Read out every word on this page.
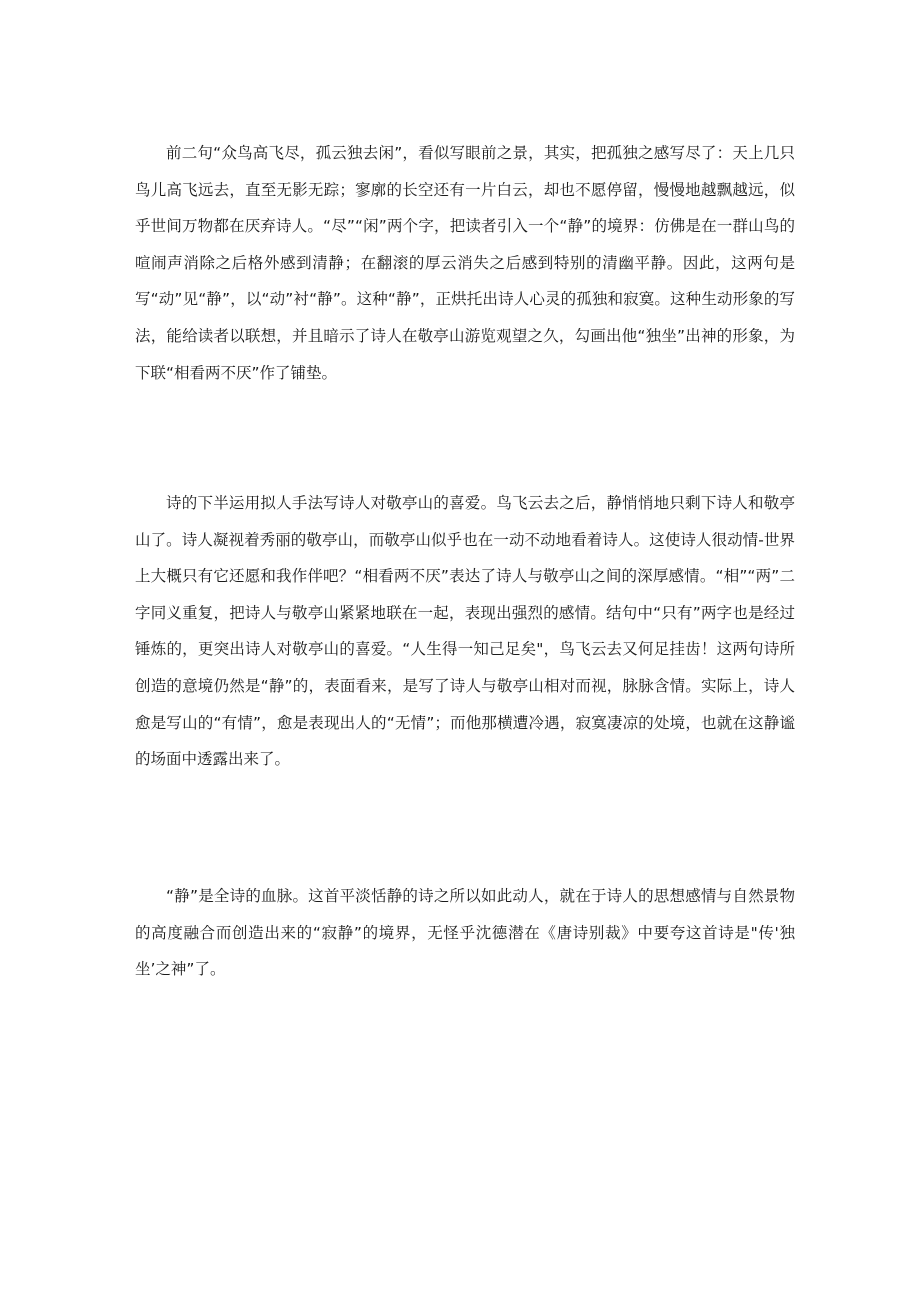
前二句“众鸟高飞尽，孤云独去闲”，看似写眼前之景，其实，把孤独之感写尽了：天上几只鸟儿高飞远去，直至无影无踪；寥廓的长空还有一片白云，却也不愿停留，慢慢地越飘越远，似乎世间万物都在厌弃诗人。“尽”“闲”两个字，把读者引入一个“静”的境界：仿佛是在一群山鸟的喧闹声消除之后格外感到清静；在翻滚的厚云消失之后感到特别的清幽平静。因此，这两句是写“动”见“静”，以“动”衬“静”。这种“静”，正烘托出诗人心灵的孤独和寂寞。这种生动形象的写法，能给读者以联想，并且暗示了诗人在敬亭山游览观望之久，勾画出他“独坐”出神的形象，为下联“相看两不厌”作了铺垫。

诗的下半运用拟人手法写诗人对敬亭山的喜爱。鸟飞云去之后，静悄悄地只剩下诗人和敬亭山了。诗人凝视着秀丽的敬亭山，而敬亭山似乎也在一动不动地看着诗人。这使诗人很动情-世界上大概只有它还愿和我作伴吧？“相看两不厌”表达了诗人与敬亭山之间的深厚感情。“相”“两”二字同义重复，把诗人与敬亭山紧紧地联在一起，表现出强烈的感情。结句中“只有”两字也是经过锤炼的，更突出诗人对敬亭山的喜爱。“人生得一知己足矣"，鸟飞云去又何足挂齿！这两句诗所创造的意境仍然是“静”的，表面看来，是写了诗人与敬亭山相对而视，脉脉含情。实际上，诗人愈是写山的“有情”，愈是表现出人的“无情”；而他那横遭冷遇，寂寞凄凉的处境，也就在这静谧的场面中透露出来了。

“静”是全诗的血脉。这首平淡恬静的诗之所以如此动人，就在于诗人的思想感情与自然景物的高度融合而创造出来的“寂静”的境界，无怪乎沈德潜在《唐诗别裁》中要夸这首诗是"传'独坐’之神”了。
